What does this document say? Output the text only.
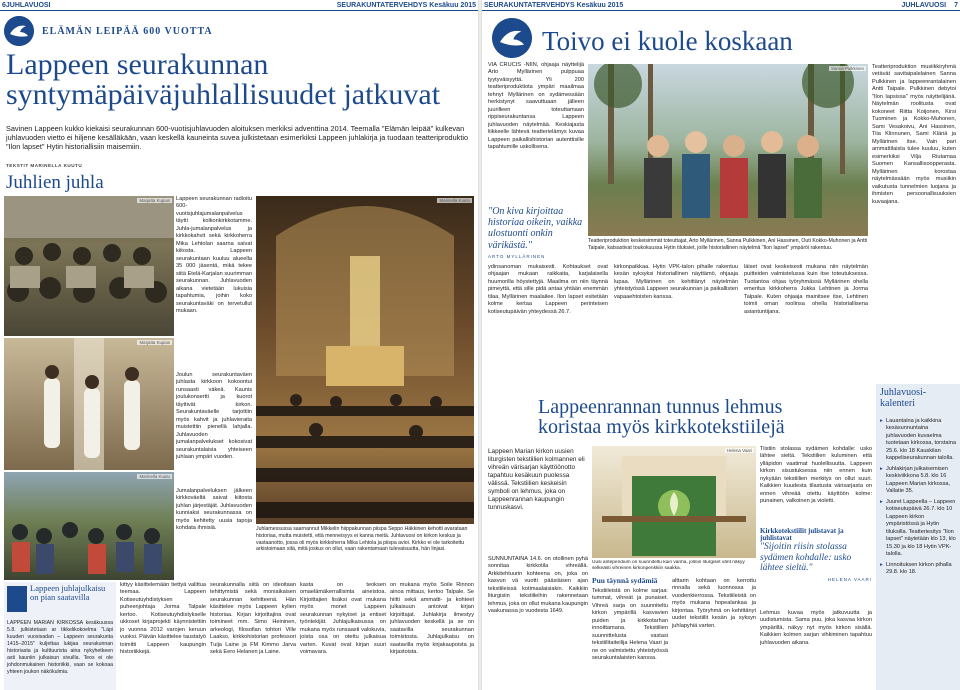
6 JUHLAVUOSI	SEURAKUNTATERVEHDYS Kesäkuu 2015
ELÄMÄN LEIPÄÄ 600 VUOTTA
Lappeen seurakunnan
syntymäpäiväjuhlallisuudet jatkuvat
Savinen Lappeen kukko kiekaisi seurakunnan 600-vuotisjuhlavuoden aloituksen merkiksi adventtina 2014. Teemalla "Elämän leipää" kulkevan juhlavuoden vietto ei hiljene kesälläkään, vaan keskellä kauneinta suvea julkistetaan esimerkiksi Lappeen juhlakirja ja tuodaan teatteriproduktio "Ilon lapset" Hytin historiallisiin maisemiin.
TEKSTIT MARINELLA KUUTU
Juhlien juhla
Marjatta Kupias
Marjatta Kupias
Marinella Kuutu
Lappeen seurakunnan radioitu 600-vuotisjuhlajumalanpalvelus täytti kolkonkirkkotamme. Juhla-jumalanpalvelus ja kirkkokahvit sekä kirkkoherra Mika Lehtolan saarna saivat kiitosta. Lappeen seurakuntaan kuuluu alueella 35 000 jäsentä, mikä tekee siitä Etelä-Karjalan suurimman seurakunnan. Juhlavuoden aikana vietetään lukuisia tapahtumia, joihin koko seurakuntaväki on tervetullut mukaan.
Joulun seurakuntaväen juhlasta kirkkoon kokoontui runsaasti väkeä. Kaunis joulukonsertti ja kuorot täyttivät kirkon. Seurakuntaväelle tarjottiin myös kahvit ja juhlavieraita muistettiin pienellä lahjalla. Juhlavuoden jumalanpalvelukset kokosivat seurakuntalaisia yhteiseen juhlaan ympäri vuoden.
Jumalanpalveluksen jälkeen kirkkoväeltä saivat kiitosta juhlan järjestäjät. Juhlavuoden kunniaksi seurakunnassa on myös kehitetty uusia tapoja kohdata ihmisiä.
Marinella Kuutu
Juhlamessussa saarnannut Mikkelin hiippakunnan piispa Seppo Häkkinen kehotti avarataan historiaa, mutta muistetti, että menneisyys ei kanna meitä. Juhlavuosi on kirkon keskus ja vastaanotto, jossa oli myös kirkkoherra Mika Lehtola ja piispa avioi. Kirkko ei ole tarkoitettu arkistoimaan sitä, mitä joskus on ollut, vaan rakentamaan tulevaisuutta, hän linjasi.
Lappeen juhlajulkaisu on pian saatavilla
LAPPEEN MARIAN KIRKOSSA kesäkuussa 5.8. julkistetaan ar tikkelikokoelma "Läpi kuuden vuosisadan – Lappeen seurakunta 1415–2015" kuljettaa lukijaa seurakunnan historiasta ja kulttuurista aina nykyhetkeen asti kauniin julkaisun sivuilla. Teos ei ole johdonmukainen historiikki, vaan se kokoaa yhteen joukon näkökulmia.
kittyy käsittelemään tiettyä valittua teemaa. Lappeen Kotiseutuyhdistyksen puheenjohtaja Jorma Talpale kertoo. Kotiseutuyhdistykselle ukkoset kirjaprojekti käynnistettiin jo vuonna 2012 varojen keruun vuoksi. Päivän käsittelee taustatyö toimitti Lappeen kaupungin historiikkejä.
seurakunnalla siitä on ideoitaan tehittymistä sekä moniaikaisen seurakunnan kehitteenä. Hän käsittelee myös Lappeen kylien historiaa. Kirjan kirjoittajina ovat toimineet mm. Simo Heininen, arkeologi, filosofian tohtori Ville Laakso, kirkkohistorian professori Tuija Laine ja FM Kimmo Jarva sekä Eero Helanen ja Laine.
kasta on teoksen omaelämäkerrallisinta aineistoa. Kirjoittajien lisäksi ovat mukana myös monet Lappeen seurakunnan nykyiset ja entiset työntekijät. Juhlajulkaisussa on mukana myös runsaasti valokuvia, joista osa on otettu julkaisua varten. Kuvat ovat kirjan suuri voimavara.
on mukana myös Soile Rinnon ainoa mittaus, kertoo Talpale. Se hiitti sekä ammatti- ja kohteet julkaisuun antoivat kirjan kirjoittajat. Juhlakirja ilmestyy juhlavuoden keskellä ja se on saatavilla seurakunnan toimistosta. Juhlajulkaisu on saatavilla myös kirjakaupoista ja kirjastoista.
SEURAKUNTATERVEHDYS Kesäkuu 2015	JUHLAVUOSI 7
Toivo ei kuole koskaan
VIA CRUCIS -NIIN, ohjaaja näyttelijä Arto Myllärinen pulppuaa tyytyväisyyttä. Yli 200 teatteriproduktiota ympäri maailmaa tehnyt Myllärinen on sydämessään herkistynyt saavuttuaan jälleen juurilleen toteuttamaan rippiseurakuntansa Lappeen juhlavuoden näytelmää. Keskiajasta liikkeelle lähtevä teatterielämys kuvaa Lappeen paikallishistorian autenttisille tapahtumille uskollisena.
"On kiva kirjoittaa historiaa oikein, vaikka ulostuonti onkin värikästä."
ARTO MYLLÄRINEN
Sanna Pulkkinen
Teatteriproduktion keskeisimmät toteuttajat, Arto Myllärinen, Sanna Pulkkinen, Ani Hassinen, Outi Kokko-Muhonen ja Antti Taipale, katsastivat toukokuussa Hytin tiluksiet, joille historiallinen näytelmä "Ilon lapset" ympäröi rakentuu.
Teatteriproduktion musiikkiryhmä vetävät savitaipalelainen Sanna Pulkkinen ja lappeenrantalainen Antti Taipale. Pulkkinen debytoi "Ilon lapsissa" myös näyttelijänä. Näytelmän roolitusta ovat kokoneet Riitta Koijonen, Kirsi Tuominen ja Kokko-Muhonen, Sami Vesakoivu, Ani Hassinen, Tiia Klinnunen, Sami Kläriä ja Myllärinen itse. Vain pari ammattilaista tulee kuuluu, kuten esimerkiksi Vilja Riutamaa Suomen Kansallisoopperasta. Myllärinen korostaa näytelmässään myös musiikin vaikutusta tunnelmien luojana ja ihmisten persoonallisuuksien kuvaajana.
ydinsanoman mukaisesti. Kohtaukset ovat ohjaajan mukaan raikkaita, karjalaisella huumorilla höystettyjä. Maailma on niin täynnä pimeyttä, että sille pidä antaa yhtään enemmän tilaa, Myllärinen maalailee. Ilon lapset esitetään kolme kertaa Lappeen perinteisen kotiseutupäivän yhteydessä 26.7.
kirkonpaikkaa. Hytin VPK-talon pihalle rakentuu kesän syksyksi historiallinen näyttämö, ohjaaja lupaa. Myllärinen on kehittänyt näytelmän yhteistyössä Lappeen seurakunnan ja paikallisten vapaaehtoisten kanssa.
läiset ovat keskeisesti mukana niin näytelmän puitteiden valmistelussa kuin itse toteutuksessa. Tuotantoa ohjaa työryhmässä Myllärinen ohella emeritus kirkkoherra Jukka Lehtinen ja Jorma Talpale. Kuten ohjaaja mainitsee itse, Lehtinen toimii oman roolinsa ohella historiallisena asiantuntijana.
Lappeenrannan tunnus lehmus
koristaa myös kirkkotekstiilejä
Lappeen Marian kirkon uusien liturgisten tekstiilien kolmannen eli vihreän värisarjan käyttöönotto tapahtuu kesäkuun puolessa välissä. Tekstiilien keskeisin symboli on lehmus, joka on Lappeenrannan kaupungin tunnuskasvi.
Helena Vaari
Uusi antependium on suunniteltu kuin vanha, jolloin liturgiset värit näkyy selkeästi vihreinen kirkonpenkkiin saakka.
Tiistiin stolassa sydämen kohdalle: usko lähtee sieltä. Tekstiilien kuluminen että ylläpidon vaatimat huolellisuutta. Lappeen kirkon sisustuksessa niin ennen kuin nykyään tekstiilien merkitys on ollut suuri. Kaikkien kuudesta tilastusta värisarjasta on ennen vihreää otettu käyttöön kolme: punainen, valkoinen ja violetti.
Kirkkotekstiilit julistavat ja juhlistavat
SUNNUNTAINA 14.6. on otollinen pyhä sonnitaa kirkkotila vihreällä. Arkkitehtuurin kohteena on, joka on kasvun vä vuotti pääsiäisen ajan tekstiileissä kotimaalaisiakin. Kaikkiin liturgisiin tekstiileihin rakennetaan lehmus, joka on ollut mukana kaupungin vaakunassa jo vuodesta 1649.
Puu täynnä sydämiä
Tekstiileistä on kolme sarjaa: tummat, vihreät ja punaiset. Vihreä sarja on suunniteltu kirkon ympärillä kasvavien puiden ja kirkkotarhan innoittamana. Tekstiilien suunnittelusta vastasi tekstiilitaiteilija Helena Vaari ja ne on valmistettu yhteistyössä seurakuntalaisten kanssa.
alttarin kohtaan on kerrottu rinnalla sekä luonnossa ja vuodenkierrossa. Tekstiileistä on myös mukana hopealankaa ja kirjontaa. Työryhmä on kehittänyt uudet tekstiilit kesän ja syksyn juhlapyhiä varten.
"Sijoitin riisin stolassa sydämen kohdalle: usko lähtee sieltä."
HELENA VAARI
Lehmus kuvaa myös jatkuvuutta ja uudistumista. Sama puu, joka kasvaa kirkon ympärillä, näkyy nyt myös kirkon sisällä. Kaikkien kolmen sarjan vihkiminen tapahtuu juhlavuoden aikana.
Juhlavuosi-kalenteri
▸ Lauantaina ja kaikkina kesäsunnuntaina juhlavuoden kuvaelma tuotetaan kirkossa, torstaina 25.6. klo 18 Kauskilan kappeliseurakunnan talolla.
▸ Juhlakirjan julkaisemisen keskiviikkona 5.8. klo 16 Lappeen Marian kirkossa, Vallatie 35.
▸ Juuret Lappeella – Lappeen kotiseutupäivä 26.7. klo 10 Lappeen kirkon ympäristössä ja Hytin tiluksilla. Teatteriesitys "Ilon lapset" näytetään klo 13, klo 15.30 ja klo 18 Hytin VPK-talolla.
▸ Linnoituksen kirkon pihalla 29.8. klo 18.
